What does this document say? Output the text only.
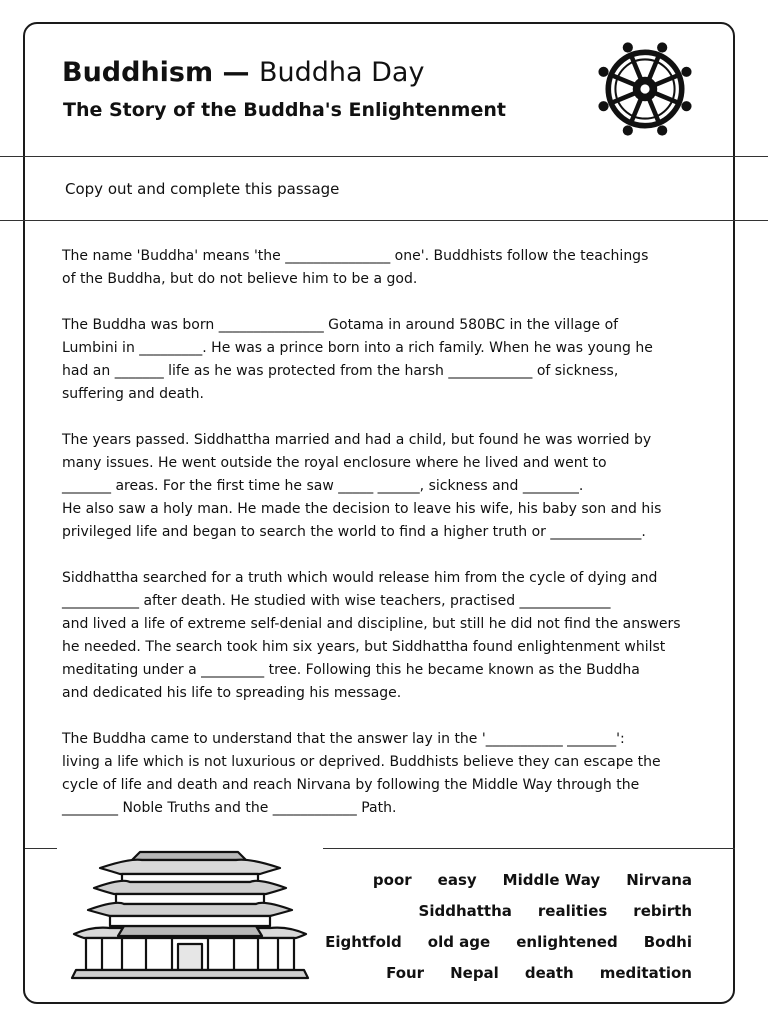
Buddhism — Buddha Day
The Story of the Buddha's Enlightenment
Copy out and complete this passage

The name 'Buddha' means 'the _______________ one'. Buddhists follow the teachings
of the Buddha, but do not believe him to be a god.

The Buddha was born _______________ Gotama in around 580BC in the village of
Lumbini in _________. He was a prince born into a rich family. When he was young he
had an _______ life as he was protected from the harsh ____________ of sickness,
suffering and death.

The years passed. Siddhattha married and had a child, but found he was worried by
many issues. He went outside the royal enclosure where he lived and went to
_______ areas. For the first time he saw _____ ______, sickness and ________.
He also saw a holy man. He made the decision to leave his wife, his baby son and his
privileged life and began to search the world to find a higher truth or _____________.

Siddhattha searched for a truth which would release him from the cycle of dying and
___________ after death. He studied with wise teachers, practised _____________
and lived a life of extreme self-denial and discipline, but still he did not find the answers
he needed. The search took him six years, but Siddhattha found enlightenment whilst
meditating under a _________ tree. Following this he became known as the Buddha
and dedicated his life to spreading his message.

The Buddha came to understand that the answer lay in the '___________ _______':
living a life which is not luxurious or deprived. Buddhists believe they can escape the
cycle of life and death and reach Nirvana by following the Middle Way through the
________ Noble Truths and the ____________ Path.

poor easy Middle Way Nirvana
Siddhattha realities rebirth
Eightfold old age enlightened Bodhi
Four Nepal death meditation
